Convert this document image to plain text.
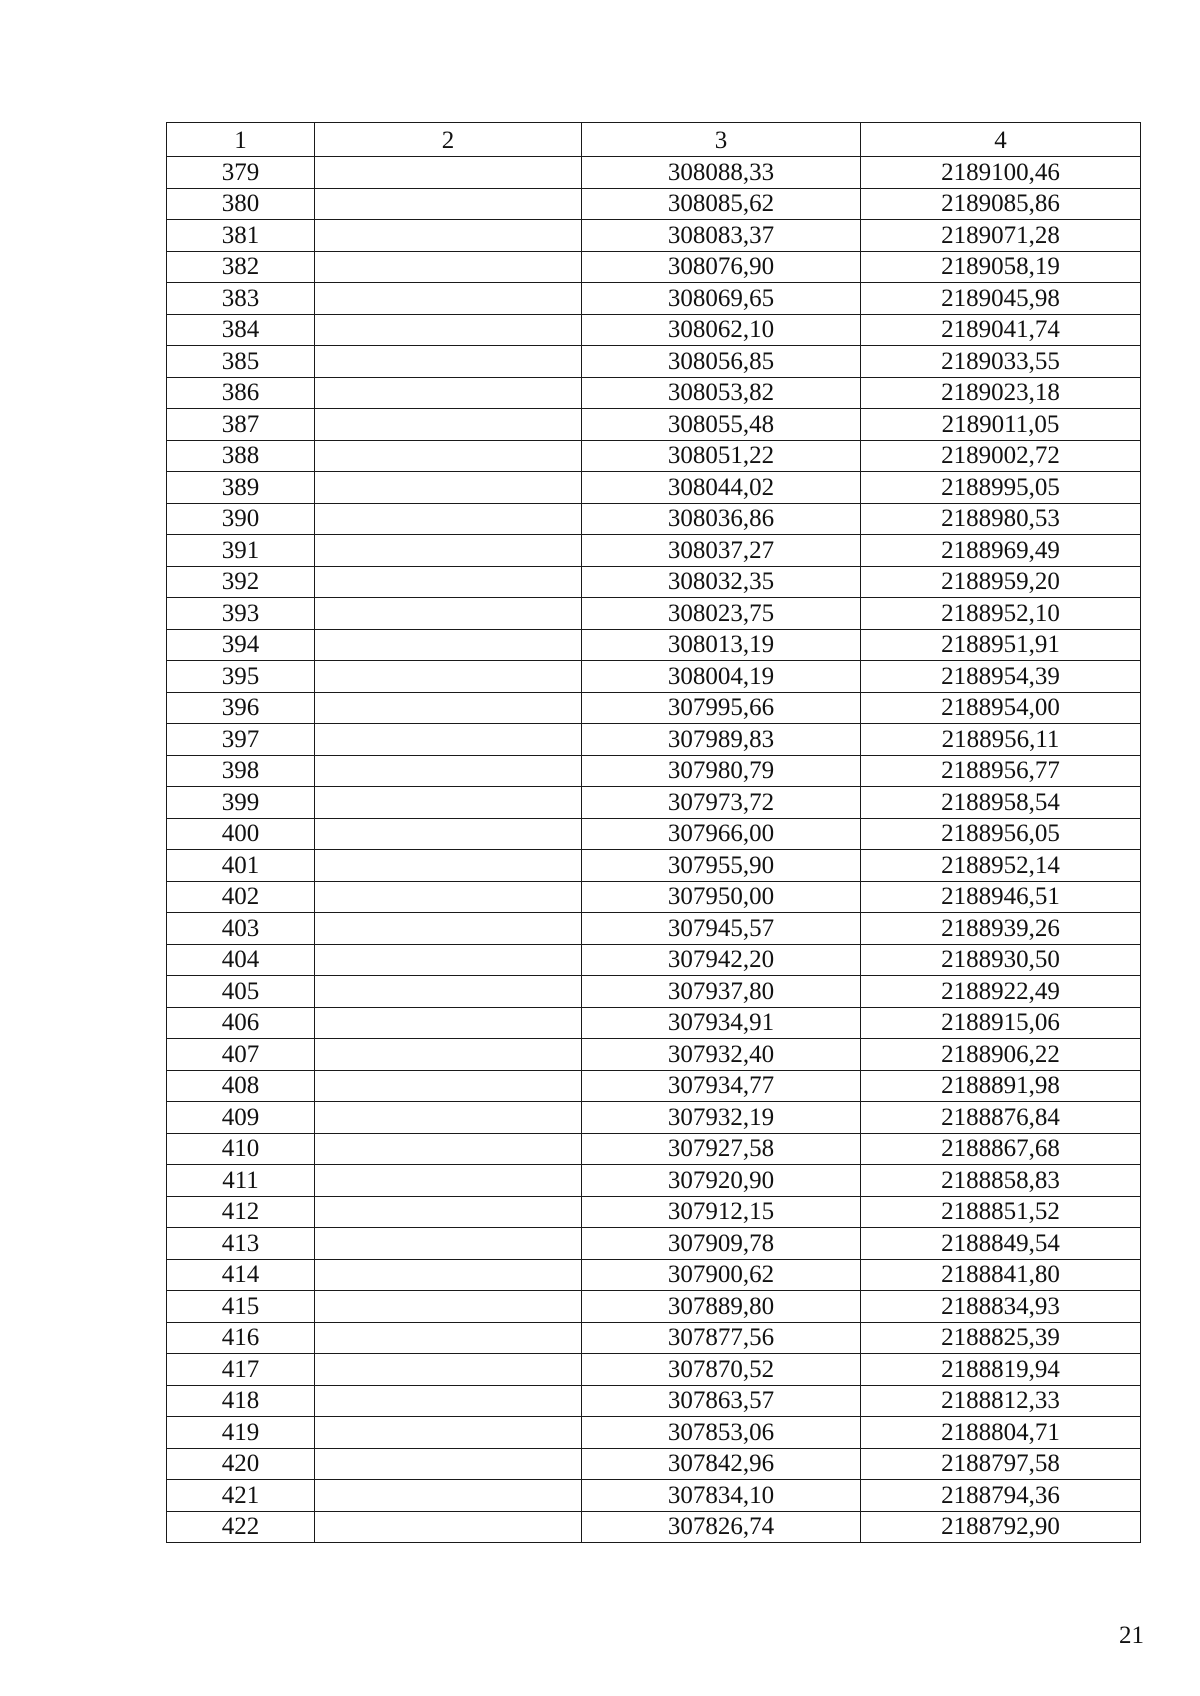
1	2	3	4
379		308088,33	2189100,46
380		308085,62	2189085,86
381		308083,37	2189071,28
382		308076,90	2189058,19
383		308069,65	2189045,98
384		308062,10	2189041,74
385		308056,85	2189033,55
386		308053,82	2189023,18
387		308055,48	2189011,05
388		308051,22	2189002,72
389		308044,02	2188995,05
390		308036,86	2188980,53
391		308037,27	2188969,49
392		308032,35	2188959,20
393		308023,75	2188952,10
394		308013,19	2188951,91
395		308004,19	2188954,39
396		307995,66	2188954,00
397		307989,83	2188956,11
398		307980,79	2188956,77
399		307973,72	2188958,54
400		307966,00	2188956,05
401		307955,90	2188952,14
402		307950,00	2188946,51
403		307945,57	2188939,26
404		307942,20	2188930,50
405		307937,80	2188922,49
406		307934,91	2188915,06
407		307932,40	2188906,22
408		307934,77	2188891,98
409		307932,19	2188876,84
410		307927,58	2188867,68
411		307920,90	2188858,83
412		307912,15	2188851,52
413		307909,78	2188849,54
414		307900,62	2188841,80
415		307889,80	2188834,93
416		307877,56	2188825,39
417		307870,52	2188819,94
418		307863,57	2188812,33
419		307853,06	2188804,71
420		307842,96	2188797,58
421		307834,10	2188794,36
422		307826,74	2188792,90
21
